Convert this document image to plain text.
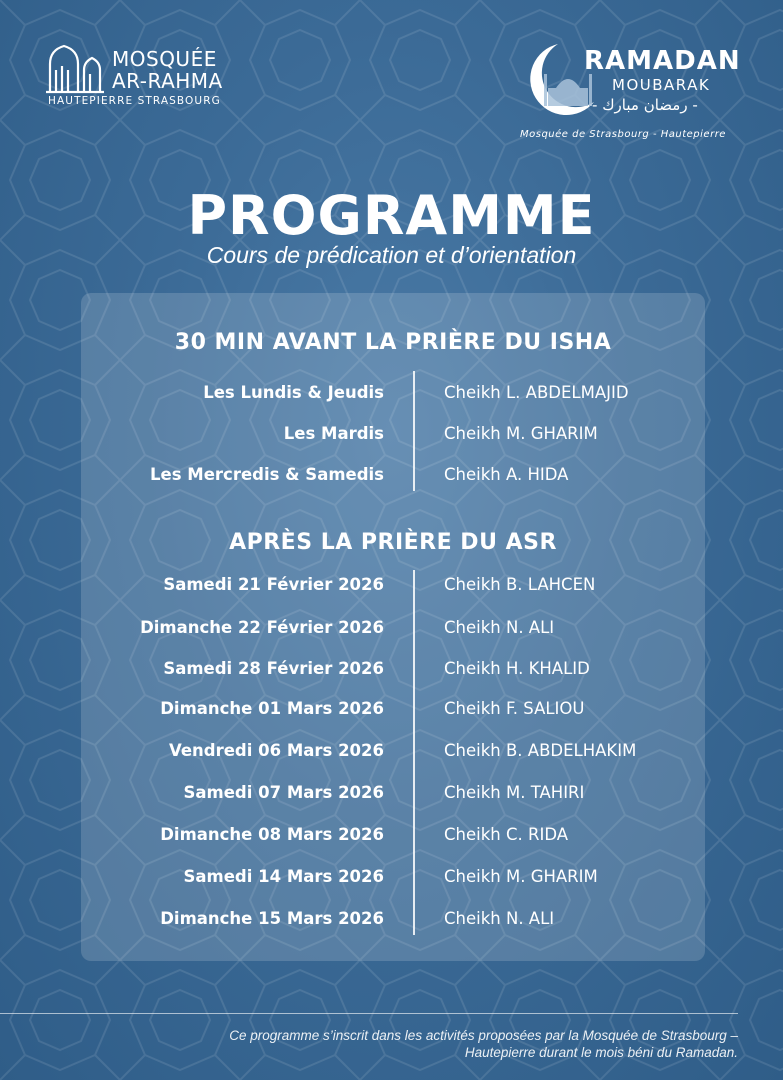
MOSQUÉE
AR-RAHMA
HAUTEPIERRE STRASBOURG
RAMADAN
MOUBARAK
- رمضان مبارك -
Mosquée de Strasbourg - Hautepierre
PROGRAMME
Cours de prédication et d’orientation
30 MIN AVANT LA PRIÈRE DU ISHA
Les Lundis & Jeudis	Cheikh L. ABDELMAJID
Les Mardis	Cheikh M. GHARIM
Les Mercredis & Samedis	Cheikh A. HIDA
APRÈS LA PRIÈRE DU ASR
Samedi 21 Février 2026	Cheikh B. LAHCEN
Dimanche 22 Février 2026	Cheikh N. ALI
Samedi 28 Février 2026	Cheikh H. KHALID
Dimanche 01 Mars 2026	Cheikh F. SALIOU
Vendredi 06 Mars 2026	Cheikh B. ABDELHAKIM
Samedi 07 Mars 2026	Cheikh M. TAHIRI
Dimanche 08 Mars 2026	Cheikh C. RIDA
Samedi 14 Mars 2026	Cheikh M. GHARIM
Dimanche 15 Mars 2026	Cheikh N. ALI
Ce programme s’inscrit dans les activités proposées par la Mosquée de Strasbourg – Hautepierre durant le mois béni du Ramadan.
